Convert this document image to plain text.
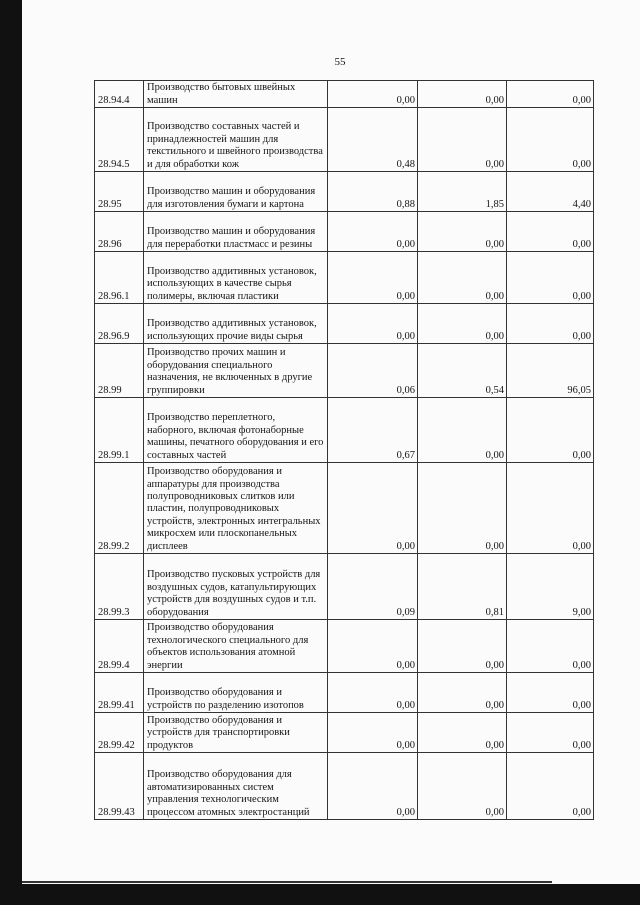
55
28.94.4	Производство бытовых швейных машин	0,00	0,00	0,00
28.94.5	Производство составных частей и принадлежностей машин для текстильного и швейного производства и для обработки кож	0,48	0,00	0,00
28.95	Производство машин и оборудования для изготовления бумаги и картона	0,88	1,85	4,40
28.96	Производство машин и оборудования для переработки пластмасс и резины	0,00	0,00	0,00
28.96.1	Производство аддитивных установок, использующих в качестве сырья полимеры, включая пластики	0,00	0,00	0,00
28.96.9	Производство аддитивных установок, использующих прочие виды сырья	0,00	0,00	0,00
28.99	Производство прочих машин и оборудования специального назначения, не включенных в другие группировки	0,06	0,54	96,05
28.99.1	Производство переплетного, наборного, включая фотонаборные машины, печатного оборудования и его составных частей	0,67	0,00	0,00
28.99.2	Производство оборудования и аппаратуры для производства полупроводниковых слитков или пластин, полупроводниковых устройств, электронных интегральных микросхем или плоскопанельных дисплеев	0,00	0,00	0,00
28.99.3	Производство пусковых устройств для воздушных судов, катапультирующих устройств для воздушных судов и т.п. оборудования	0,09	0,81	9,00
28.99.4	Производство оборудования технологического специального для объектов использования атомной энергии	0,00	0,00	0,00
28.99.41	Производство оборудования и устройств по разделению изотопов	0,00	0,00	0,00
28.99.42	Производство оборудования и устройств для транспортировки продуктов	0,00	0,00	0,00
28.99.43	Производство оборудования для автоматизированных систем управления технологическим процессом атомных электростанций	0,00	0,00	0,00
